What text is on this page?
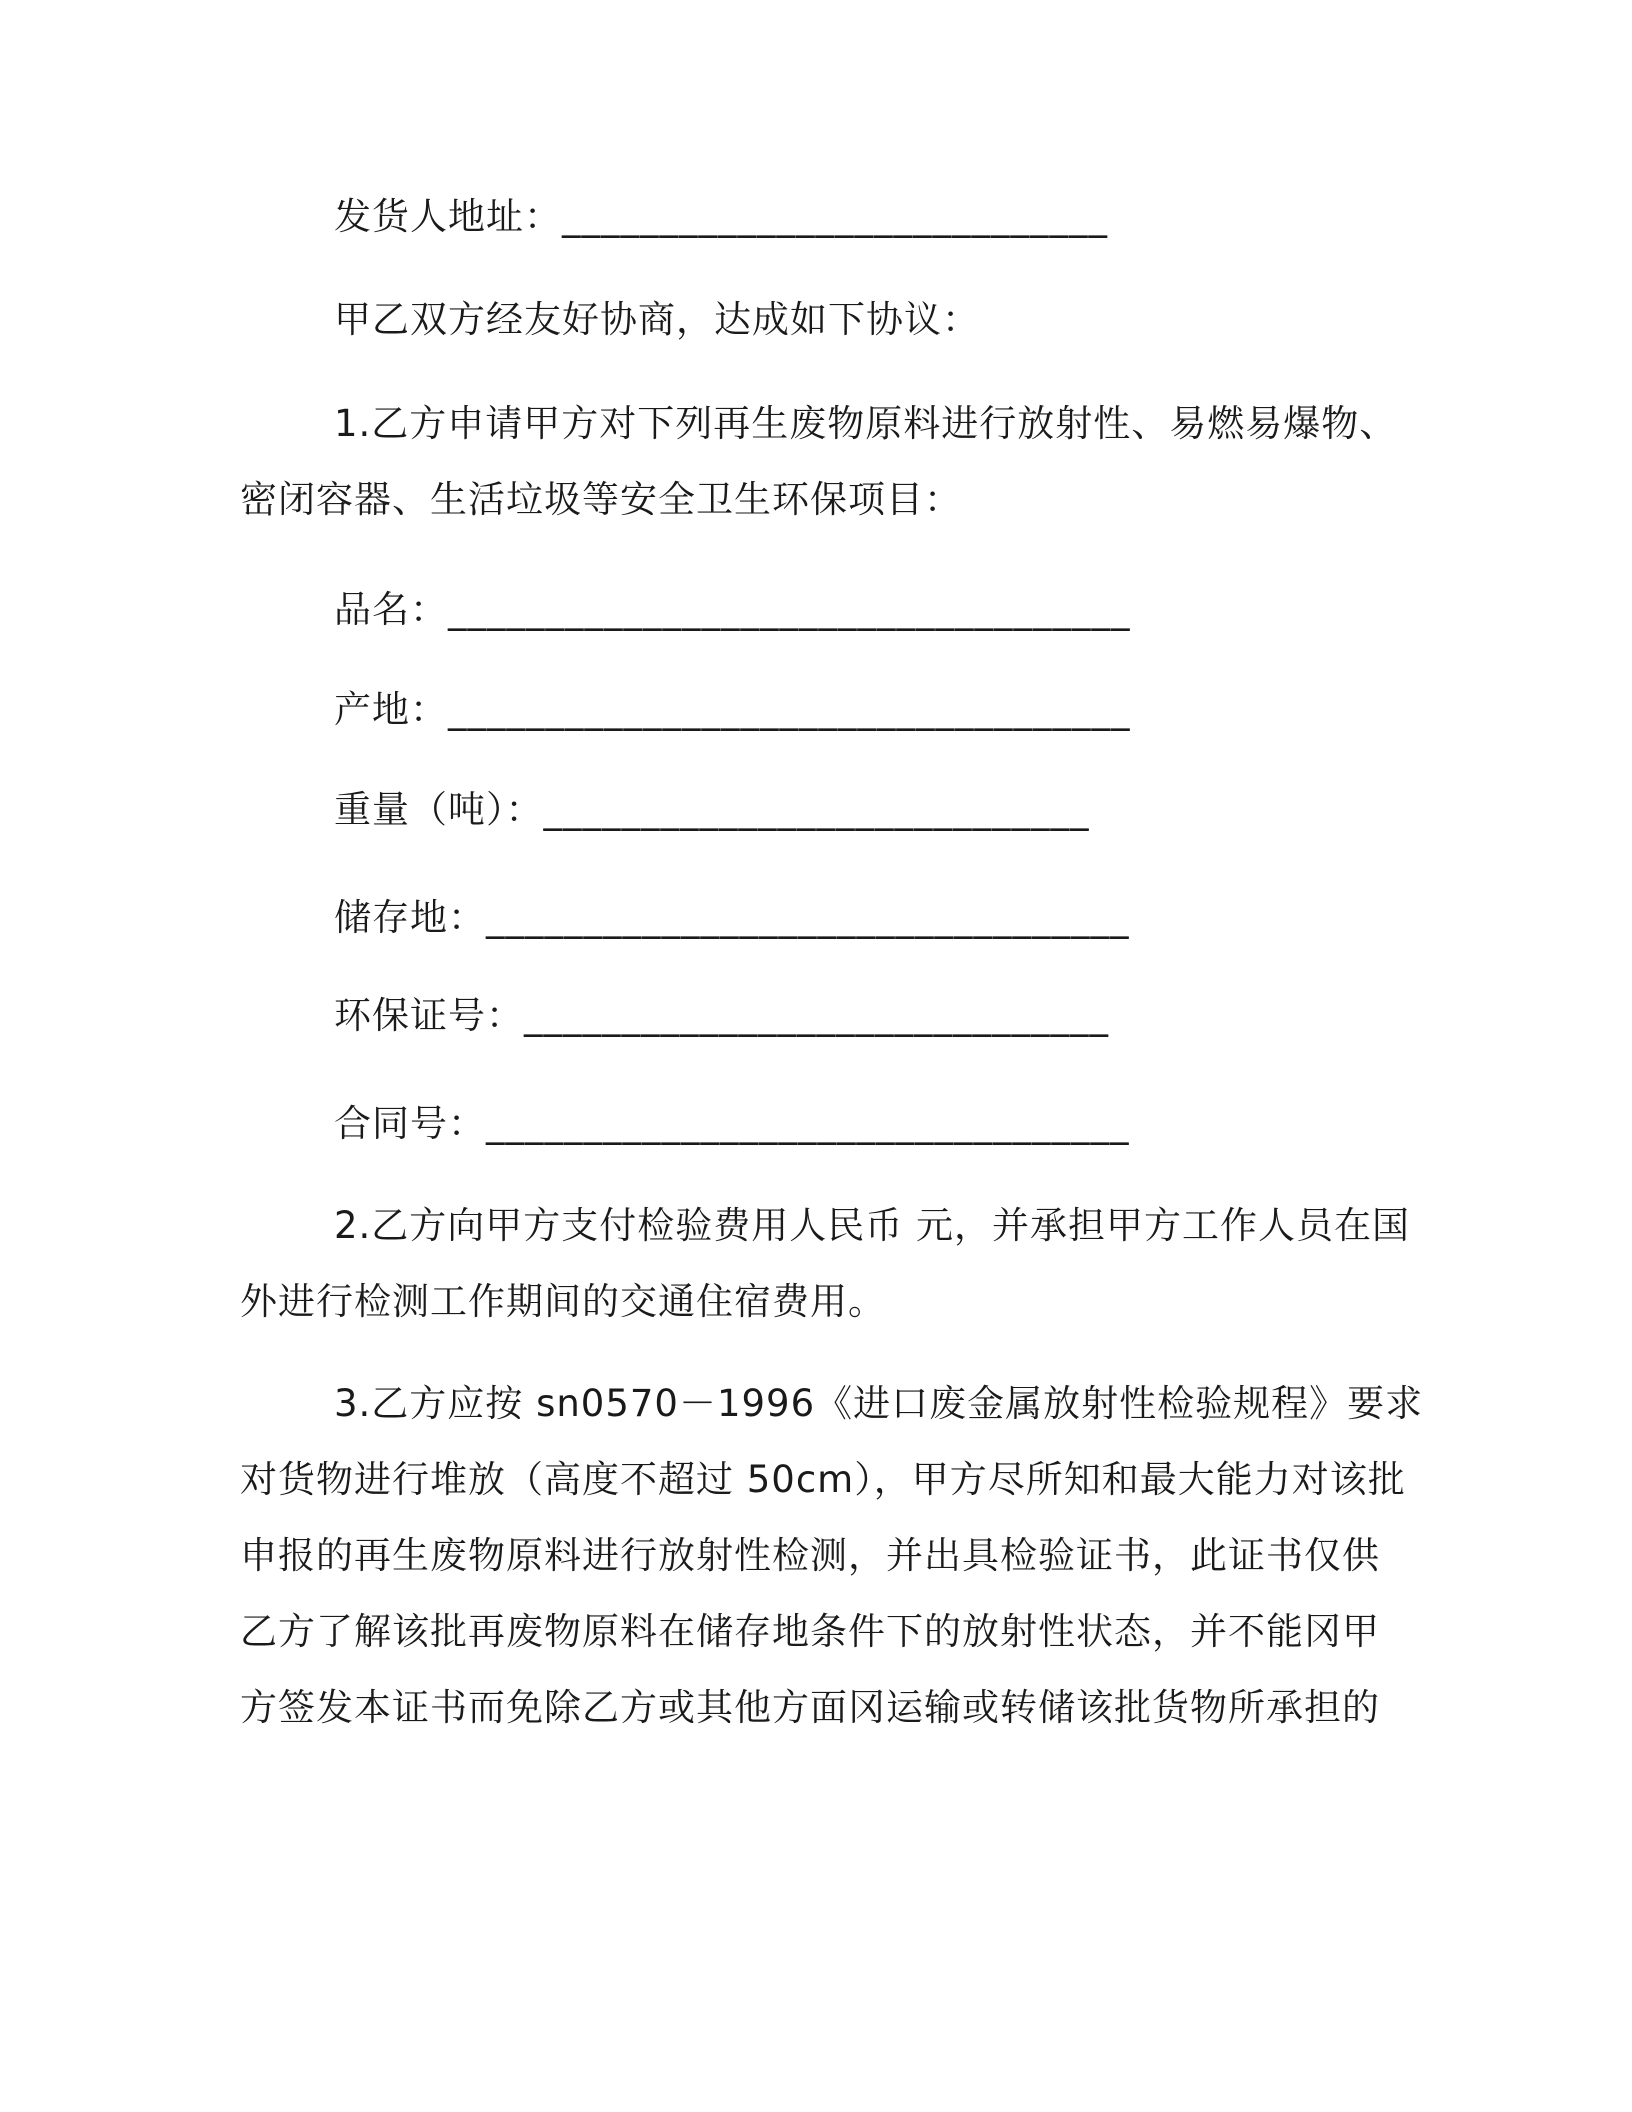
发货人地址：____________________________
甲乙双方经友好协商，达成如下协议：
1.乙方申请甲方对下列再生废物原料进行放射性、易燃易爆物、
密闭容器、生活垃圾等安全卫生环保项目：
品名：___________________________________
产地：___________________________________
重量（吨）：____________________________
储存地：_________________________________
环保证号：______________________________
合同号：_________________________________
2.乙方向甲方支付检验费用人民币 元，并承担甲方工作人员在国
外进行检测工作期间的交通住宿费用。
3.乙方应按 sn0570－1996《进口废金属放射性检验规程》要求
对货物进行堆放（高度不超过 50cm），甲方尽所知和最大能力对该批
申报的再生废物原料进行放射性检测，并出具检验证书，此证书仅供
乙方了解该批再废物原料在储存地条件下的放射性状态，并不能冈甲
方签发本证书而免除乙方或其他方面冈运输或转储该批货物所承担的
